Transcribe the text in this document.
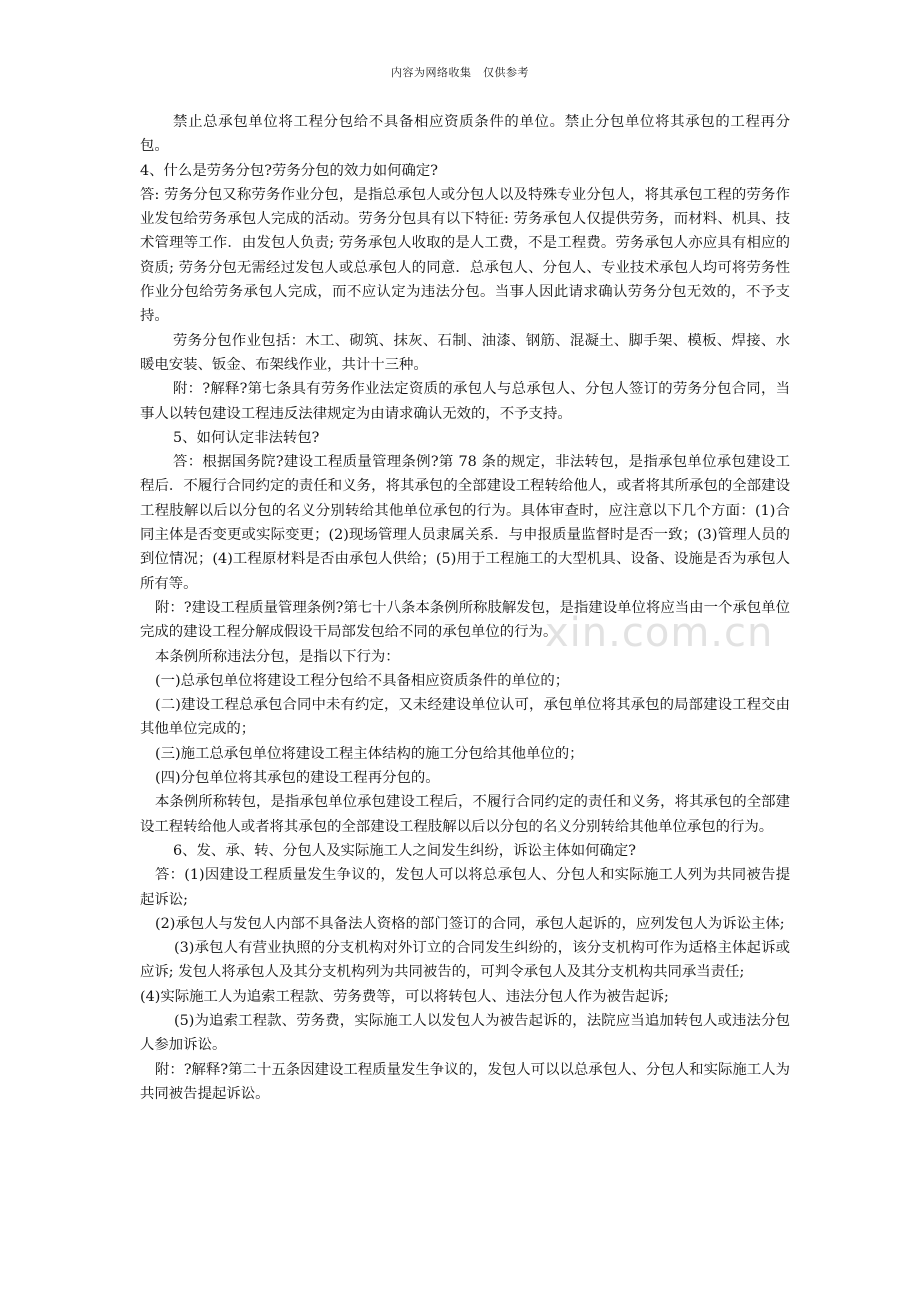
内容为网络收集　仅供参考
xin.com.cn

禁止总承包单位将工程分包给不具备相应资质条件的单位。禁止分包单位将其承包的工程再分包。

4、什么是劳务分包?劳务分包的效力如何确定?

答: 劳务分包又称劳务作业分包，是指总承包人或分包人以及特殊专业分包人，将其承包工程的劳务作业发包给劳务承包人完成的活动。劳务分包具有以下特征: 劳务承包人仅提供劳务，而材料、机具、技术管理等工作．由发包人负责; 劳务承包人收取的是人工费，不是工程费。劳务承包人亦应具有相应的资质; 劳务分包无需经过发包人或总承包人的同意．总承包人、分包人、专业技术承包人均可将劳务性作业分包给劳务承包人完成，而不应认定为违法分包。当事人因此请求确认劳务分包无效的，不予支持。

劳务分包作业包括：木工、砌筑、抹灰、石制、油漆、钢筋、混凝土、脚手架、模板、焊接、水暖电安装、钣金、布架线作业，共计十三种。

附：?解释?第七条具有劳务作业法定资质的承包人与总承包人、分包人签订的劳务分包合同，当事人以转包建设工程违反法律规定为由请求确认无效的，不予支持。

5、如何认定非法转包?

答：根据国务院?建设工程质量管理条例?第 78 条的规定，非法转包，是指承包单位承包建设工程后．不履行合同约定的责任和义务，将其承包的全部建设工程转给他人，或者将其所承包的全部建设工程肢解以后以分包的名义分别转给其他单位承包的行为。具体审查时，应注意以下几个方面：(1)合同主体是否变更或实际变更；(2)现场管理人员隶属关系．与申报质量监督时是否一致；(3)管理人员的到位情况；(4)工程原材料是否由承包人供给；(5)用于工程施工的大型机具、设备、设施是否为承包人所有等。

附：?建设工程质量管理条例?第七十八条本条例所称肢解发包，是指建设单位将应当由一个承包单位完成的建设工程分解成假设干局部发包给不同的承包单位的行为。

本条例所称违法分包，是指以下行为：

(一)总承包单位将建设工程分包给不具备相应资质条件的单位的；

(二)建设工程总承包合同中未有约定，又未经建设单位认可，承包单位将其承包的局部建设工程交由其他单位完成的；

(三)施工总承包单位将建设工程主体结构的施工分包给其他单位的；

(四)分包单位将其承包的建设工程再分包的。

本条例所称转包，是指承包单位承包建设工程后，不履行合同约定的责任和义务，将其承包的全部建设工程转给他人或者将其承包的全部建设工程肢解以后以分包的名义分别转给其他单位承包的行为。

6、发、承、转、分包人及实际施工人之间发生纠纷，诉讼主体如何确定?

答：(1)因建设工程质量发生争议的，发包人可以将总承包人、分包人和实际施工人列为共同被告提起诉讼;

(2)承包人与发包人内部不具备法人资格的部门签订的合同，承包人起诉的，应列发包人为诉讼主体;

(3)承包人有营业执照的分支机构对外订立的合同发生纠纷的，该分支机构可作为适格主体起诉或应诉; 发包人将承包人及其分支机构列为共同被告的，可判令承包人及其分支机构共同承当责任;

(4)实际施工人为追索工程款、劳务费等，可以将转包人、违法分包人作为被告起诉;

(5)为追索工程款、劳务费，实际施工人以发包人为被告起诉的，法院应当追加转包人或违法分包人参加诉讼。

附：?解释?第二十五条因建设工程质量发生争议的，发包人可以以总承包人、分包人和实际施工人为共同被告提起诉讼。
